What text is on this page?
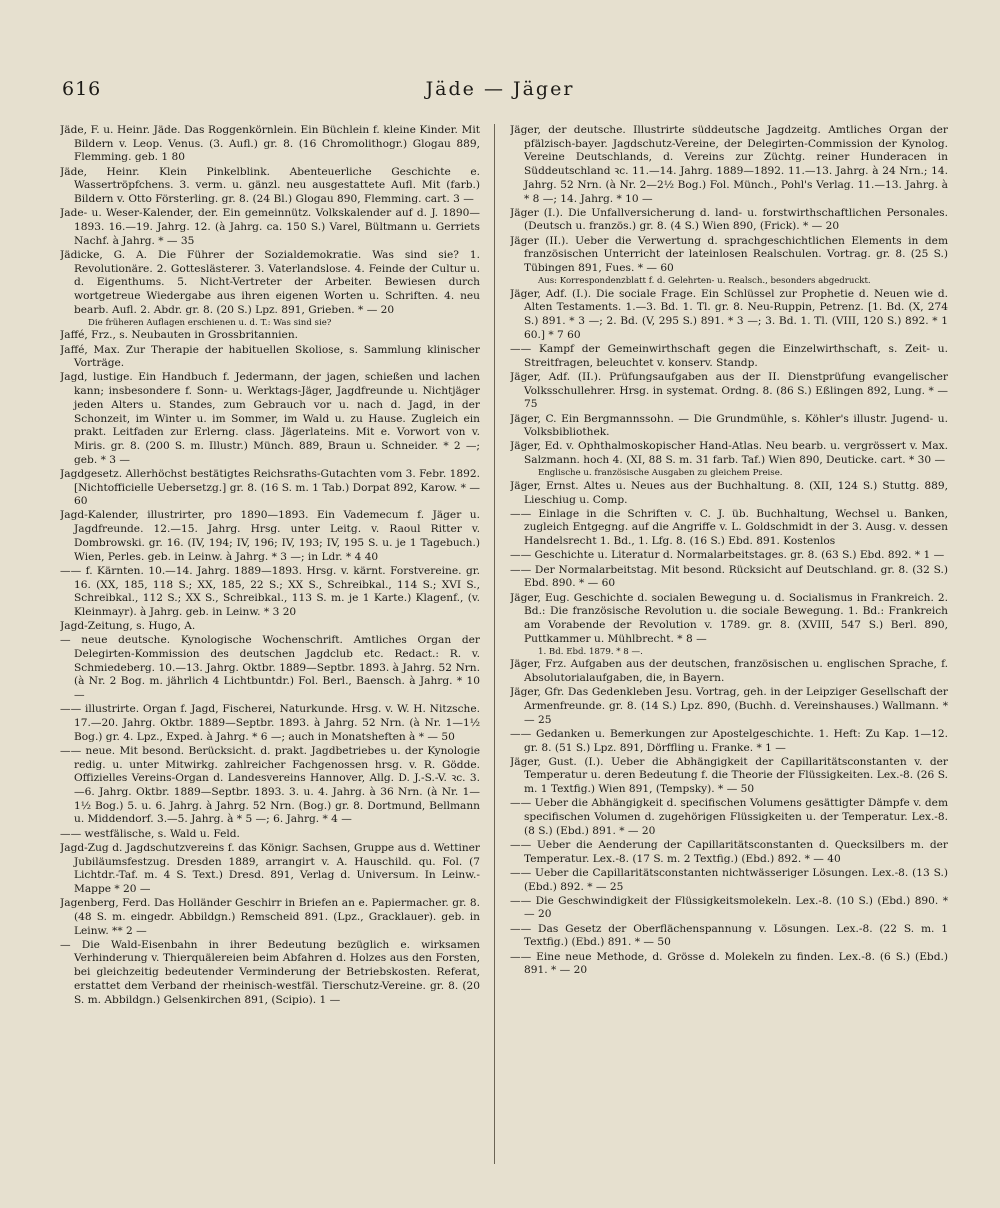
616	Jäde — Jäger

Jäde, F. u. Heinr. Jäde. Das Roggenkörnlein. Ein Büchlein f. kleine Kinder. Mit Bildern v. Leop. Venus. (3. Aufl.) gr. 8. (16 Chromolithogr.) Glogau 889, Flemming. geb. 1 80

Jäde, Heinr. Klein Pinkelblink. Abenteuerliche Geschichte e. Wassertröpfchens. 3. verm. u. gänzl. neu ausgestattete Aufl. Mit (farb.) Bildern v. Otto Försterling. gr. 8. (24 Bl.) Glogau 890, Flemming. cart. 3 —

Jade- u. Weser-Kalender, der. Ein gemeinnütz. Volkskalender auf d. J. 1890—1893. 16.—19. Jahrg. 12. (à Jahrg. ca. 150 S.) Varel, Bültmann u. Gerriets Nachf. à Jahrg. * — 35

Jädicke, G. A. Die Führer der Sozialdemokratie. Was sind sie? 1. Revolutionäre. 2. Gotteslästerer. 3. Vaterlandslose. 4. Feinde der Cultur u. d. Eigenthums. 5. Nicht-Vertreter der Arbeiter. Bewiesen durch wortgetreue Wiedergabe aus ihren eigenen Worten u. Schriften. 4. neu bearb. Aufl. 2. Abdr. gr. 8. (20 S.) Lpz. 891, Grieben. * — 20

Die früheren Auflagen erschienen u. d. T.: Was sind sie?

Jaffé, Frz., s. Neubauten in Grossbritannien.

Jaffé, Max. Zur Therapie der habituellen Skoliose, s. Sammlung klinischer Vorträge.

Jagd, lustige. Ein Handbuch f. Jedermann, der jagen, schießen und lachen kann; insbesondere f. Sonn- u. Werktags-Jäger, Jagdfreunde u. Nichtjäger jeden Alters u. Standes, zum Gebrauch vor u. nach d. Jagd, in der Schonzeit, im Winter u. im Sommer, im Wald u. zu Hause. Zugleich ein prakt. Leitfaden zur Erlerng. class. Jägerlateins. Mit e. Vorwort von v. Miris. gr. 8. (200 S. m. Illustr.) Münch. 889, Braun u. Schneider. * 2 —; geb. * 3 —

Jagdgesetz. Allerhöchst bestätigtes Reichsraths-Gutachten vom 3. Febr. 1892. [Nichtofficielle Uebersetzg.] gr. 8. (16 S. m. 1 Tab.) Dorpat 892, Karow. * — 60

Jagd-Kalender, illustrirter, pro 1890—1893. Ein Vademecum f. Jäger u. Jagdfreunde. 12.—15. Jahrg. Hrsg. unter Leitg. v. Raoul Ritter v. Dombrowski. gr. 16. (IV, 194; IV, 196; IV, 193; IV, 195 S. u. je 1 Tagebuch.) Wien, Perles. geb. in Leinw. à Jahrg. * 3 —; in Ldr. * 4 40

—— f. Kärnten. 10.—14. Jahrg. 1889—1893. Hrsg. v. kärnt. Forstvereine. gr. 16. (XX, 185, 118 S.; XX, 185, 22 S.; XX S., Schreibkal., 114 S.; XVI S., Schreibkal., 112 S.; XX S., Schreibkal., 113 S. m. je 1 Karte.) Klagenf., (v. Kleinmayr). à Jahrg. geb. in Leinw. * 3 20

Jagd-Zeitung, s. Hugo, A.

— neue deutsche. Kynologische Wochenschrift. Amtliches Organ der Delegirten-Kommission des deutschen Jagdclub etc. Redact.: R. v. Schmiedeberg. 10.—13. Jahrg. Oktbr. 1889—Septbr. 1893. à Jahrg. 52 Nrn. (à Nr. 2 Bog. m. jährlich 4 Lichtbuntdr.) Fol. Berl., Baensch. à Jahrg. * 10 —

—— illustrirte. Organ f. Jagd, Fischerei, Naturkunde. Hrsg. v. W. H. Nitzsche. 17.—20. Jahrg. Oktbr. 1889—Septbr. 1893. à Jahrg. 52 Nrn. (à Nr. 1—1½ Bog.) gr. 4. Lpz., Exped. à Jahrg. * 6 —; auch in Monatsheften à * — 50

—— neue. Mit besond. Berücksicht. d. prakt. Jagdbetriebes u. der Kynologie redig. u. unter Mitwirkg. zahlreicher Fachgenossen hrsg. v. R. Gödde. Offizielles Vereins-Organ d. Landesvereins Hannover, Allg. D. J.-S.-V. ꝛc. 3.—6. Jahrg. Oktbr. 1889—Septbr. 1893. 3. u. 4. Jahrg. à 36 Nrn. (à Nr. 1—1½ Bog.) 5. u. 6. Jahrg. à Jahrg. 52 Nrn. (Bog.) gr. 8. Dortmund, Bellmann u. Middendorf. 3.—5. Jahrg. à * 5 —; 6. Jahrg. * 4 —

—— westfälische, s. Wald u. Feld.

Jagd-Zug d. Jagdschutzvereins f. das Königr. Sachsen, Gruppe aus d. Wettiner Jubiläumsfestzug. Dresden 1889, arrangirt v. A. Hauschild. qu. Fol. (7 Lichtdr.-Taf. m. 4 S. Text.) Dresd. 891, Verlag d. Universum. In Leinw.-Mappe * 20 —

Jagenberg, Ferd. Das Holländer Geschirr in Briefen an e. Papiermacher. gr. 8. (48 S. m. eingedr. Abbildgn.) Remscheid 891. (Lpz., Gracklauer). geb. in Leinw. ** 2 —

— Die Wald-Eisenbahn in ihrer Bedeutung bezüglich e. wirksamen Verhinderung v. Thierquälereien beim Abfahren d. Holzes aus den Forsten, bei gleichzeitig bedeutender Verminderung der Betriebskosten. Referat, erstattet dem Verband der rheinisch-westfäl. Tierschutz-Vereine. gr. 8. (20 S. m. Abbildgn.) Gelsenkirchen 891, (Scipio). 1 —

Jäger, der deutsche. Illustrirte süddeutsche Jagdzeitg. Amtliches Organ der pfälzisch-bayer. Jagdschutz-Vereine, der Delegirten-Commission der Kynolog. Vereine Deutschlands, d. Vereins zur Züchtg. reiner Hunderacen in Süddeutschland ꝛc. 11.—14. Jahrg. 1889—1892. 11.—13. Jahrg. à 24 Nrn.; 14. Jahrg. 52 Nrn. (à Nr. 2—2½ Bog.) Fol. Münch., Pohl's Verlag. 11.—13. Jahrg. à * 8 —; 14. Jahrg. * 10 —

Jäger (I.). Die Unfallversicherung d. land- u. forstwirthschaftlichen Personales. (Deutsch u. französ.) gr. 8. (4 S.) Wien 890, (Frick). * — 20

Jäger (II.). Ueber die Verwertung d. sprachgeschichtlichen Elements in dem französischen Unterricht der lateinlosen Realschulen. Vortrag. gr. 8. (25 S.) Tübingen 891, Fues. * — 60

Aus: Korrespondenzblatt f. d. Gelehrten- u. Realsch., besonders abgedruckt.

Jäger, Adf. (I.). Die sociale Frage. Ein Schlüssel zur Prophetie d. Neuen wie d. Alten Testaments. 1.—3. Bd. 1. Tl. gr. 8. Neu-Ruppin, Petrenz. [1. Bd. (X, 274 S.) 891. * 3 —; 2. Bd. (V, 295 S.) 891. * 3 —; 3. Bd. 1. Tl. (VIII, 120 S.) 892. * 1 60.] * 7 60

—— Kampf der Gemeinwirthschaft gegen die Einzelwirthschaft, s. Zeit- u. Streitfragen, beleuchtet v. konserv. Standp.

Jäger, Adf. (II.). Prüfungsaufgaben aus der II. Dienstprüfung evangelischer Volksschullehrer. Hrsg. in systemat. Ordng. 8. (86 S.) Eßlingen 892, Lung. * — 75

Jäger, C. Ein Bergmannssohn. — Die Grundmühle, s. Köhler's illustr. Jugend- u. Volksbibliothek.

Jäger, Ed. v. Ophthalmoskopischer Hand-Atlas. Neu bearb. u. vergrössert v. Max. Salzmann. hoch 4. (XI, 88 S. m. 31 farb. Taf.) Wien 890, Deuticke. cart. * 30 —

Englische u. französische Ausgaben zu gleichem Preise.

Jäger, Ernst. Altes u. Neues aus der Buchhaltung. 8. (XII, 124 S.) Stuttg. 889, Lieschiug u. Comp.

—— Einlage in die Schriften v. C. J. üb. Buchhaltung, Wechsel u. Banken, zugleich Entgegng. auf die Angriffe v. L. Goldschmidt in der 3. Ausg. v. dessen Handelsrecht 1. Bd., 1. Lfg. 8. (16 S.) Ebd. 891. Kostenlos

—— Geschichte u. Literatur d. Normalarbeitstages. gr. 8. (63 S.) Ebd. 892. * 1 —

—— Der Normalarbeitstag. Mit besond. Rücksicht auf Deutschland. gr. 8. (32 S.) Ebd. 890. * — 60

Jäger, Eug. Geschichte d. socialen Bewegung u. d. Socialismus in Frankreich. 2. Bd.: Die französische Revolution u. die sociale Bewegung. 1. Bd.: Frankreich am Vorabende der Revolution v. 1789. gr. 8. (XVIII, 547 S.) Berl. 890, Puttkammer u. Mühlbrecht. * 8 —

1. Bd. Ebd. 1879. * 8 —.

Jäger, Frz. Aufgaben aus der deutschen, französischen u. englischen Sprache, f. Absolutorialaufgaben, die, in Bayern.

Jäger, Gfr. Das Gedenkleben Jesu. Vortrag, geh. in der Leipziger Gesellschaft der Armenfreunde. gr. 8. (14 S.) Lpz. 890, (Buchh. d. Vereinshauses.) Wallmann. * — 25

—— Gedanken u. Bemerkungen zur Apostelgeschichte. 1. Heft: Zu Kap. 1—12. gr. 8. (51 S.) Lpz. 891, Dörffling u. Franke. * 1 —

Jäger, Gust. (I.). Ueber die Abhängigkeit der Capillaritätsconstanten v. der Temperatur u. deren Bedeutung f. die Theorie der Flüssigkeiten. Lex.-8. (26 S. m. 1 Textfig.) Wien 891, (Tempsky). * — 50

—— Ueber die Abhängigkeit d. specifischen Volumens gesättigter Dämpfe v. dem specifischen Volumen d. zugehörigen Flüssigkeiten u. der Temperatur. Lex.-8. (8 S.) (Ebd.) 891. * — 20

—— Ueber die Aenderung der Capillaritätsconstanten d. Quecksilbers m. der Temperatur. Lex.-8. (17 S. m. 2 Textfig.) (Ebd.) 892. * — 40

—— Ueber die Capillaritätsconstanten nichtwässeriger Lösungen. Lex.-8. (13 S.) (Ebd.) 892. * — 25

—— Die Geschwindigkeit der Flüssigkeitsmolekeln. Lex.-8. (10 S.) (Ebd.) 890. * — 20

—— Das Gesetz der Oberflächenspannung v. Lösungen. Lex.-8. (22 S. m. 1 Textfig.) (Ebd.) 891. * — 50

—— Eine neue Methode, d. Grösse d. Molekeln zu finden. Lex.-8. (6 S.) (Ebd.) 891. * — 20
